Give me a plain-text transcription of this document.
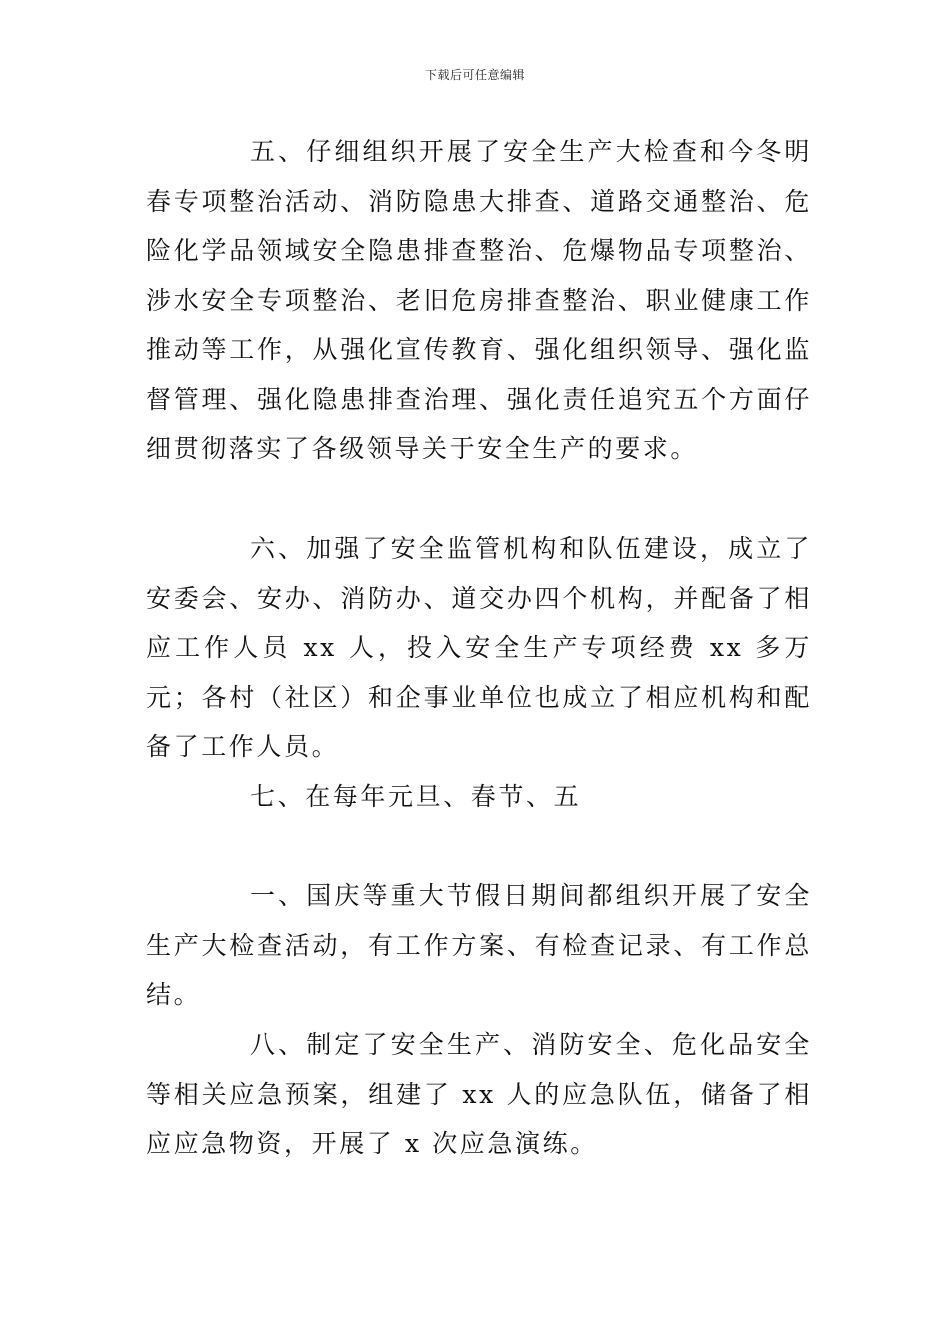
下载后可任意编辑

五、仔细组织开展了安全生产大检查和今冬明春专项整治活动、消防隐患大排查、道路交通整治、危险化学品领域安全隐患排查整治、危爆物品专项整治、涉水安全专项整治、老旧危房排查整治、职业健康工作推动等工作，从强化宣传教育、强化组织领导、强化监督管理、强化隐患排查治理、强化责任追究五个方面仔细贯彻落实了各级领导关于安全生产的要求。

六、加强了安全监管机构和队伍建设，成立了安委会、安办、消防办、道交办四个机构，并配备了相应工作人员 xx 人，投入安全生产专项经费 xx 多万元；各村（社区）和企事业单位也成立了相应机构和配备了工作人员。

七、在每年元旦、春节、五

一、国庆等重大节假日期间都组织开展了安全生产大检查活动，有工作方案、有检查记录、有工作总结。

八、制定了安全生产、消防安全、危化品安全等相关应急预案，组建了 xx 人的应急队伍，储备了相应应急物资，开展了 x 次应急演练。
